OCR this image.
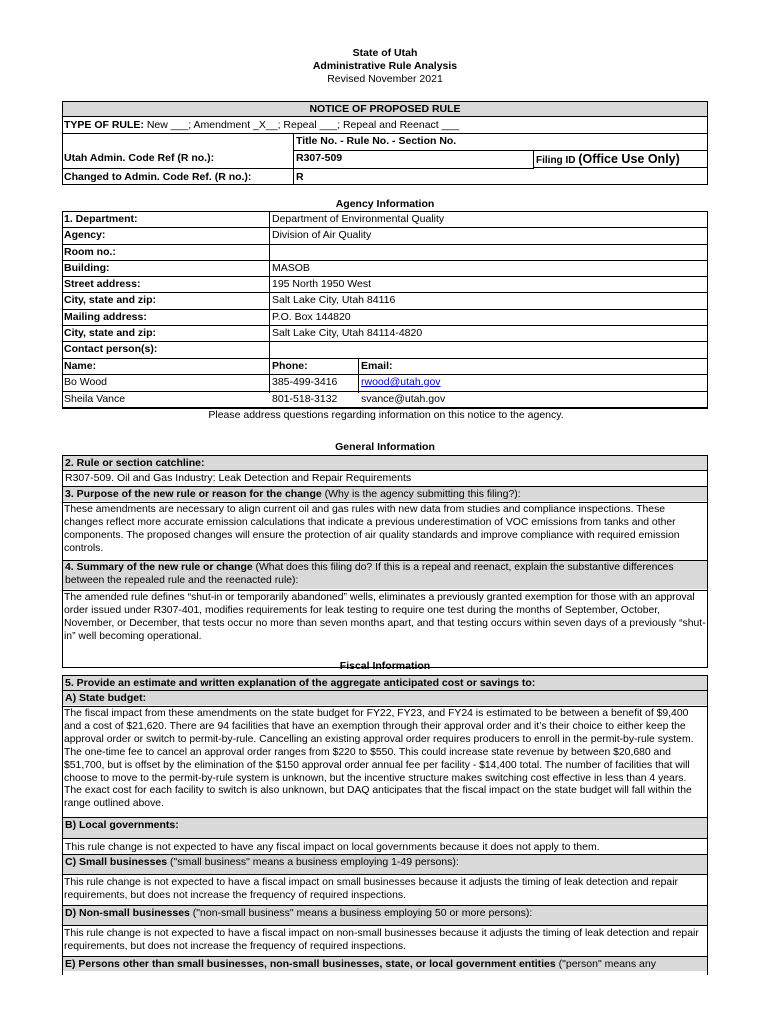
State of Utah
Administrative Rule Analysis
Revised November 2021
NOTICE OF PROPOSED RULE
TYPE OF RULE: New ___; Amendment _X__; Repeal ___; Repeal and Reenact ___
Title No. - Rule No. - Section No.
Utah Admin. Code Ref (R no.):	R307-509	Filing ID (Office Use Only)
Changed to Admin. Code Ref. (R no.):	R
Agency Information
1. Department:	Department of Environmental Quality
Agency:	Division of Air Quality
Room no.:
Building:	MASOB
Street address:	195 North 1950 West
City, state and zip:	Salt Lake City, Utah 84116
Mailing address:	P.O. Box 144820
City, state and zip:	Salt Lake City, Utah 84114-4820
Contact person(s):
Name:	Phone:	Email:
Bo Wood	385-499-3416	rwood@utah.gov
Sheila Vance	801-518-3132	svance@utah.gov
Please address questions regarding information on this notice to the agency.
General Information
2. Rule or section catchline:
R307-509. Oil and Gas Industry: Leak Detection and Repair Requirements
3. Purpose of the new rule or reason for the change (Why is the agency submitting this filing?):
These amendments are necessary to align current oil and gas rules with new data from studies and compliance inspections. These changes reflect more accurate emission calculations that indicate a previous underestimation of VOC emissions from tanks and other components. The proposed changes will ensure the protection of air quality standards and improve compliance with required emission controls.
4. Summary of the new rule or change (What does this filing do? If this is a repeal and reenact, explain the substantive differences between the repealed rule and the reenacted rule):
The amended rule defines “shut-in or temporarily abandoned” wells, eliminates a previously granted exemption for those with an approval order issued under R307-401, modifies requirements for leak testing to require one test during the months of September, October, November, or December, that tests occur no more than seven months apart, and that testing occurs within seven days of a previously “shut-in” well becoming operational.
Fiscal Information
5. Provide an estimate and written explanation of the aggregate anticipated cost or savings to:
A) State budget:
The fiscal impact from these amendments on the state budget for FY22, FY23, and FY24 is estimated to be between a benefit of $9,400 and a cost of $21,620. There are 94 facilities that have an exemption through their approval order and it’s their choice to either keep the approval order or switch to permit-by-rule. Cancelling an existing approval order requires producers to enroll in the permit-by-rule system. The one-time fee to cancel an approval order ranges from $220 to $550. This could increase state revenue by between $20,680 and $51,700, but is offset by the elimination of the $150 approval order annual fee per facility - $14,400 total. The number of facilities that will choose to move to the permit-by-rule system is unknown, but the incentive structure makes switching cost effective in less than 4 years. The exact cost for each facility to switch is also unknown, but DAQ anticipates that the fiscal impact on the state budget will fall within the range outlined above.
B) Local governments:
This rule change is not expected to have any fiscal impact on local governments because it does not apply to them.
C) Small businesses ("small business" means a business employing 1-49 persons):
This rule change is not expected to have a fiscal impact on small businesses because it adjusts the timing of leak detection and repair requirements, but does not increase the frequency of required inspections.
D) Non-small businesses ("non-small business" means a business employing 50 or more persons):
This rule change is not expected to have a fiscal impact on non-small businesses because it adjusts the timing of leak detection and repair requirements, but does not increase the frequency of required inspections.
E) Persons other than small businesses, non-small businesses, state, or local government entities ("person" means any
